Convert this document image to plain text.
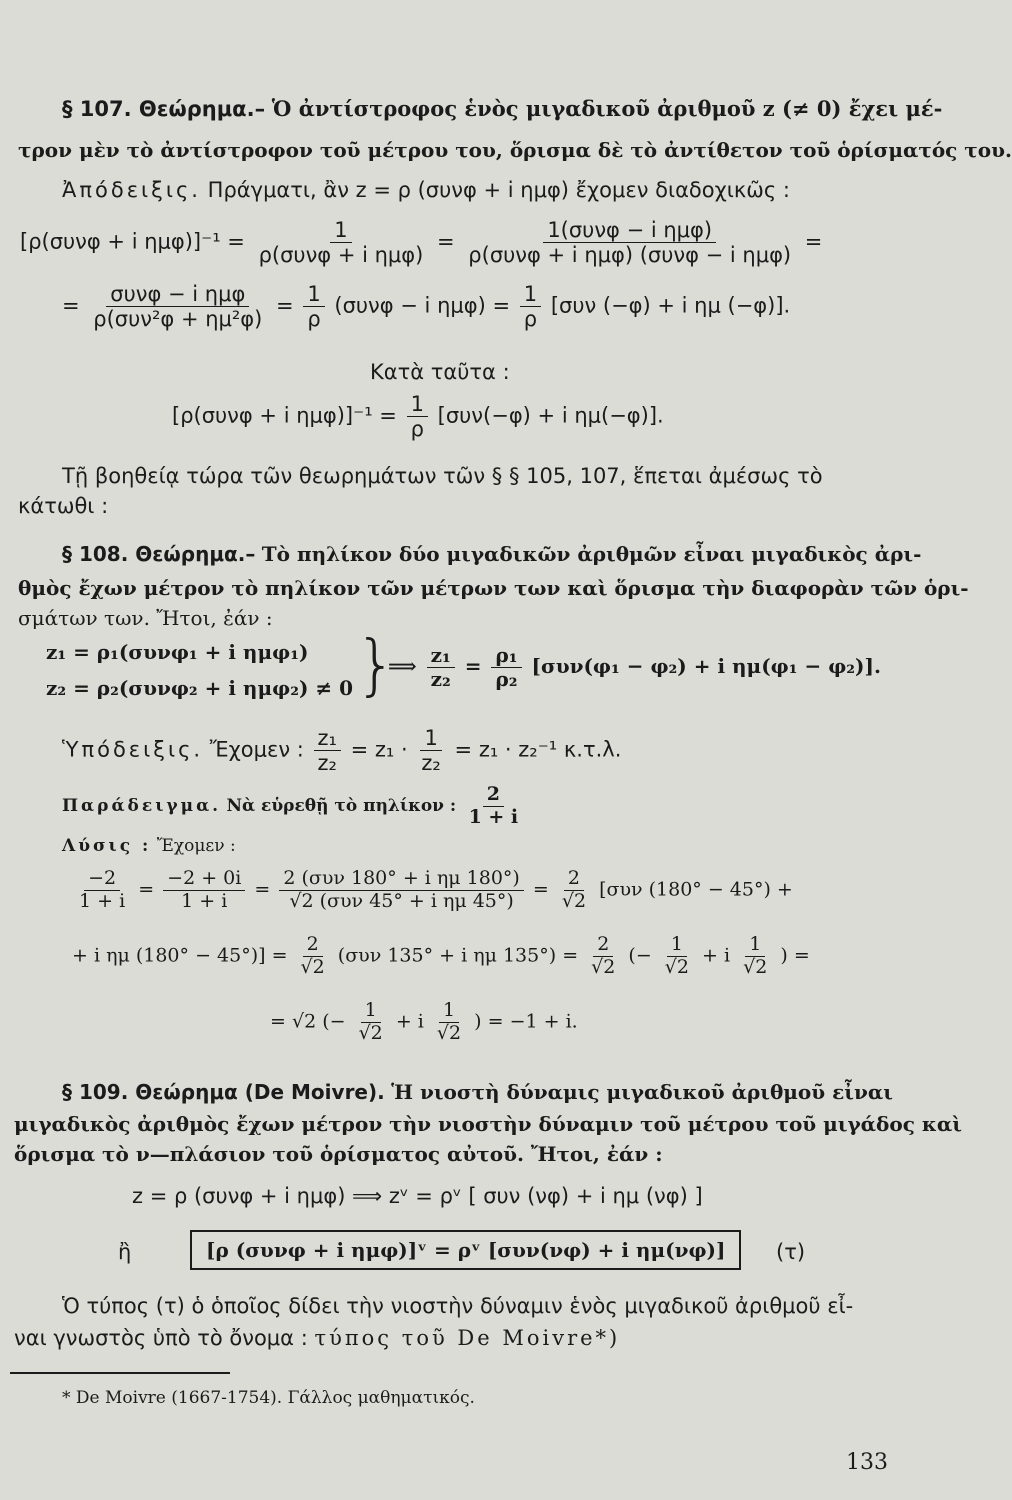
§ 107. Θεώρημα.– Ὁ ἀντίστροφος ἑνὸς μιγαδικοῦ ἀριθμοῦ z (≠ 0) ἔχει μέ-
τρον μὲν τὸ ἀντίστροφον τοῦ μέτρου του, ὅρισμα δὲ τὸ ἀντίθετον τοῦ ὁρίσματός του.
Ἀπόδειξις. Πράγματι, ἂν z = ρ (συνφ + i ημφ) ἔχομεν διαδοχικῶς :
[ρ(συνφ + i $\eta\mu\varphi)]^{-1} = \frac{1}{\text{ρ(συνφ + i ημφ)}} = \frac{\text{1(συνφ − i ημφ)}}{\text{ρ(συνφ + i ημφ) (συνφ − i ημφ)}}$ =
= $\frac{\text{συνφ − i ημφ}}{\text{ρ(συν²φ + ημ²φ)}} = \frac{1}{\rho} (\sigma\upsilon\nu\varphi - i$ $\eta\mu\varphi) = \frac{1}{\rho} [\sigma\upsilon\nu$ (−φ) + i ημ (−φ)].
Κατὰ ταῦτα :
[ρ(συνφ + i $\eta\mu\varphi)]^{-1} = \frac{1}{\rho} [\sigma\upsilon\nu(-\varphi) + i$ ημ(−φ)].
Τῇ βοηθείᾳ τώρα τῶν θεωρημάτων τῶν § § 105, 107, ἕπεται ἀμέσως τὸ
κάτωθι :
§ 108. Θεώρημα.– Τὸ πηλίκον δύο μιγαδικῶν ἀριθμῶν εἶναι μιγαδικὸς ἀρι-
θμὸς ἔχων μέτρον τὸ πηλίκον τῶν μέτρων των καὶ ὅρισμα τὴν διαφορὰν τῶν ὁρι-
σμάτων των. Ἤτοι, ἐάν :
z₁ = ρ₁(συνφ₁ + i ημφ₁)
z₂ = ρ₂(συνφ₂ + i ημφ₂) ≠ 0 }
⟹ $\frac{\text{z₁}}{\text{z₂}} = \frac{\text{ρ₁}}{\text{ρ₂}} [\sigma\upsilon\nu(\varphi_1 - \varphi_2) + i$ ημ(φ₁ − φ₂)].
Ὑπόδειξις. Ἔχομεν : $\frac{\text{z₁}}{\text{z₂}} = z_1 \cdot \frac{1}{\text{z₂}} = z_1 \cdot z_2^{-1}$ κ.τ.λ.
Παράδειγμα. Νὰ εὑρεθῇ τὸ πηλίκον : $\frac{2}{1 + i}$
Λύσις : Ἔχομεν :
$\frac{-2}{1 + i} = \frac{-2 + 0i}{1 + i} = \frac{\text{2 (συν 180° + i ημ 180°)}}{\text{√2 (συν 45° + i ημ 45°)}} = \frac{2}{√2} [\sigma\upsilon\nu$ (180° − 45°) +
+ i ημ $(180^\circ - 45^\circ)] = \frac{2}{√2} (\sigma\upsilon\nu$ 135° + i ημ $135^\circ) = \frac{2}{√2}$ (− $\frac{1}{√2} + i \frac{1}{√2}$ ) =
= √2 (− $\frac{1}{√2} + i \frac{1}{√2}$ ) = −1 + i.
§ 109. Θεώρημα (De Moivre). Ἡ νιοστὴ δύναμις μιγαδικοῦ ἀριθμοῦ εἶναι
μιγαδικὸς ἀριθμὸς ἔχων μέτρον τὴν νιοστὴν δύναμιν τοῦ μέτρου τοῦ μιγάδος καὶ
ὅρισμα τὸ ν—πλάσιον τοῦ ὁρίσματος αὐτοῦ. Ἤτοι, ἐάν :
z = ρ (συνφ + i ημφ) ⟹ zᵛ = ρᵛ [ συν (νφ) + i ημ (νφ) ]
ἢ	[ρ (συνφ + i ημφ)]ᵛ = ρᵛ [συν(νφ) + i ημ(νφ)]	(τ)
Ὁ τύπος (τ) ὁ ὁποῖος δίδει τὴν νιοστὴν δύναμιν ἑνὸς μιγαδικοῦ ἀριθμοῦ εἶ-
ναι γνωστὸς ὑπὸ τὸ ὄνομα : τύπος τοῦ De Moivre*)
* De Moivre (1667-1754). Γάλλος μαθηματικός.
133
